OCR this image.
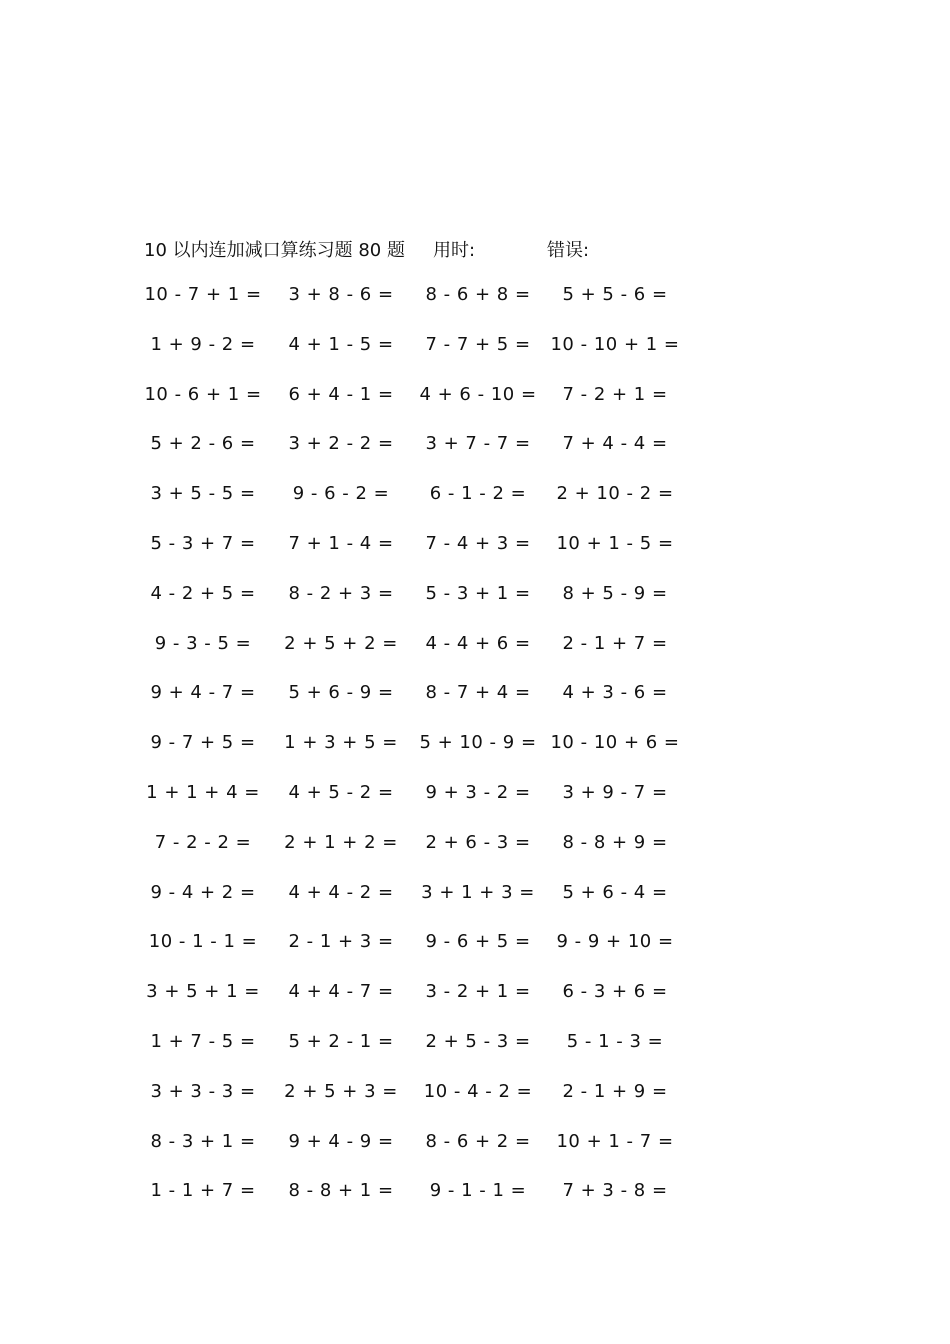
10 以内连加减口算练习题 80 题 用时:	错误:
10 - 7 + 1 =	3 + 8 - 6 =	8 - 6 + 8 =	5 + 5 - 6 =
1 + 9 - 2 =	4 + 1 - 5 =	7 - 7 + 5 =	10 - 10 + 1 =
10 - 6 + 1 =	6 + 4 - 1 =	4 + 6 - 10 =	7 - 2 + 1 =
5 + 2 - 6 =	3 + 2 - 2 =	3 + 7 - 7 =	7 + 4 - 4 =
3 + 5 - 5 =	9 - 6 - 2 =	6 - 1 - 2 =	2 + 10 - 2 =
5 - 3 + 7 =	7 + 1 - 4 =	7 - 4 + 3 =	10 + 1 - 5 =
4 - 2 + 5 =	8 - 2 + 3 =	5 - 3 + 1 =	8 + 5 - 9 =
9 - 3 - 5 =	2 + 5 + 2 =	4 - 4 + 6 =	2 - 1 + 7 =
9 + 4 - 7 =	5 + 6 - 9 =	8 - 7 + 4 =	4 + 3 - 6 =
9 - 7 + 5 =	1 + 3 + 5 =	5 + 10 - 9 = 10 - 10 + 6 =
1 + 1 + 4 =	4 + 5 - 2 =	9 + 3 - 2 =	3 + 9 - 7 =
7 - 2 - 2 =	2 + 1 + 2 =	2 + 6 - 3 =	8 - 8 + 9 =
9 - 4 + 2 =	4 + 4 - 2 =	3 + 1 + 3 =	5 + 6 - 4 =
10 - 1 - 1 =	2 - 1 + 3 =	9 - 6 + 5 =	9 - 9 + 10 =
3 + 5 + 1 =	4 + 4 - 7 =	3 - 2 + 1 =	6 - 3 + 6 =
1 + 7 - 5 =	5 + 2 - 1 =	2 + 5 - 3 =	5 - 1 - 3 =
3 + 3 - 3 =	2 + 5 + 3 =	10 - 4 - 2 =	2 - 1 + 9 =
8 - 3 + 1 =	9 + 4 - 9 =	8 - 6 + 2 =	10 + 1 - 7 =
1 - 1 + 7 =	8 - 8 + 1 =	9 - 1 - 1 =	7 + 3 - 8 =
